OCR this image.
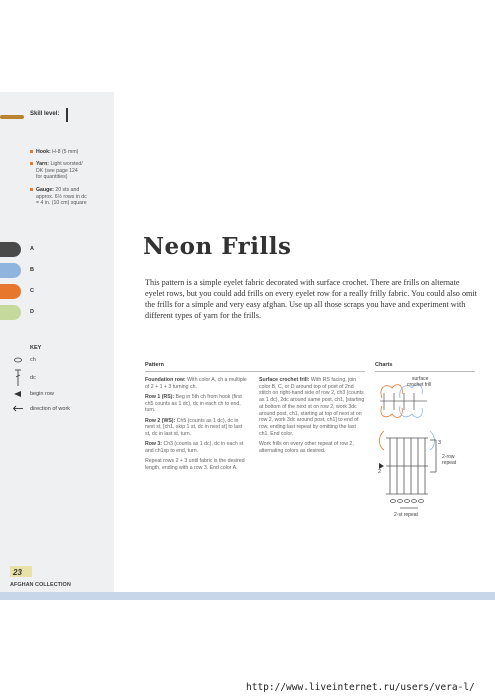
Skill level:
Hook: H-8 (5 mm)
Yarn: Light worsted/
DK (see page 124
for quantities)
Gauge: 20 sts and
approx. 6½ rows in dc
= 4 in. (10 cm) square
A
B
C
D
KEY
ch
dc
begin row
direction of work
Neon Frills
This pattern is a simple eyelet fabric decorated with surface crochet. There are frills on alternate eyelet rows, but you could add frills on every eyelet row for a really frilly fabric. You could also omit the frills for a simple and very easy afghan. Use up all those scraps you have and experiment with different types of yarn for the frills.
Pattern	Charts

Foundation row: With color A, ch a multiple of 2 + 1 + 3 turning ch.

Row 1 (RS): Beg in 5th ch from hook (first ch5 counts as 1 dc), dc in each ch to end, turn.

Row 2 (WS): Ch5 (counts as 1 dc), dc in next st, [ch1, skip 1 st, dc in next st] to last st, dc in last st, turn.

Row 3: Ch3 (counts as 1 dc), dc in each st and ch1sp to end, turn.

Repeat rows 2 + 3 until fabric is the desired length, ending with a row 3. End color A.

Surface crochet frill: With RS facing, join color B, C, or D around top of post of 2nd stitch on right-hand side of row 2, ch3 (counts as 1 dc), 2dc around same post, ch1, [starting at bottom of the next st on row 2, work 3dc around post, ch1, starting at top of next st on row 2, work 3dc around post, ch1] to end of row, ending last repeat by omitting the last ch1. End color.

Work frills on every other repeat of row 2, alternating colors as desired.

surface
crochet frill
3
2
2-row
repeat
2-st repeat
23
AFGHAN COLLECTION
http://www.liveinternet.ru/users/vera-l/
